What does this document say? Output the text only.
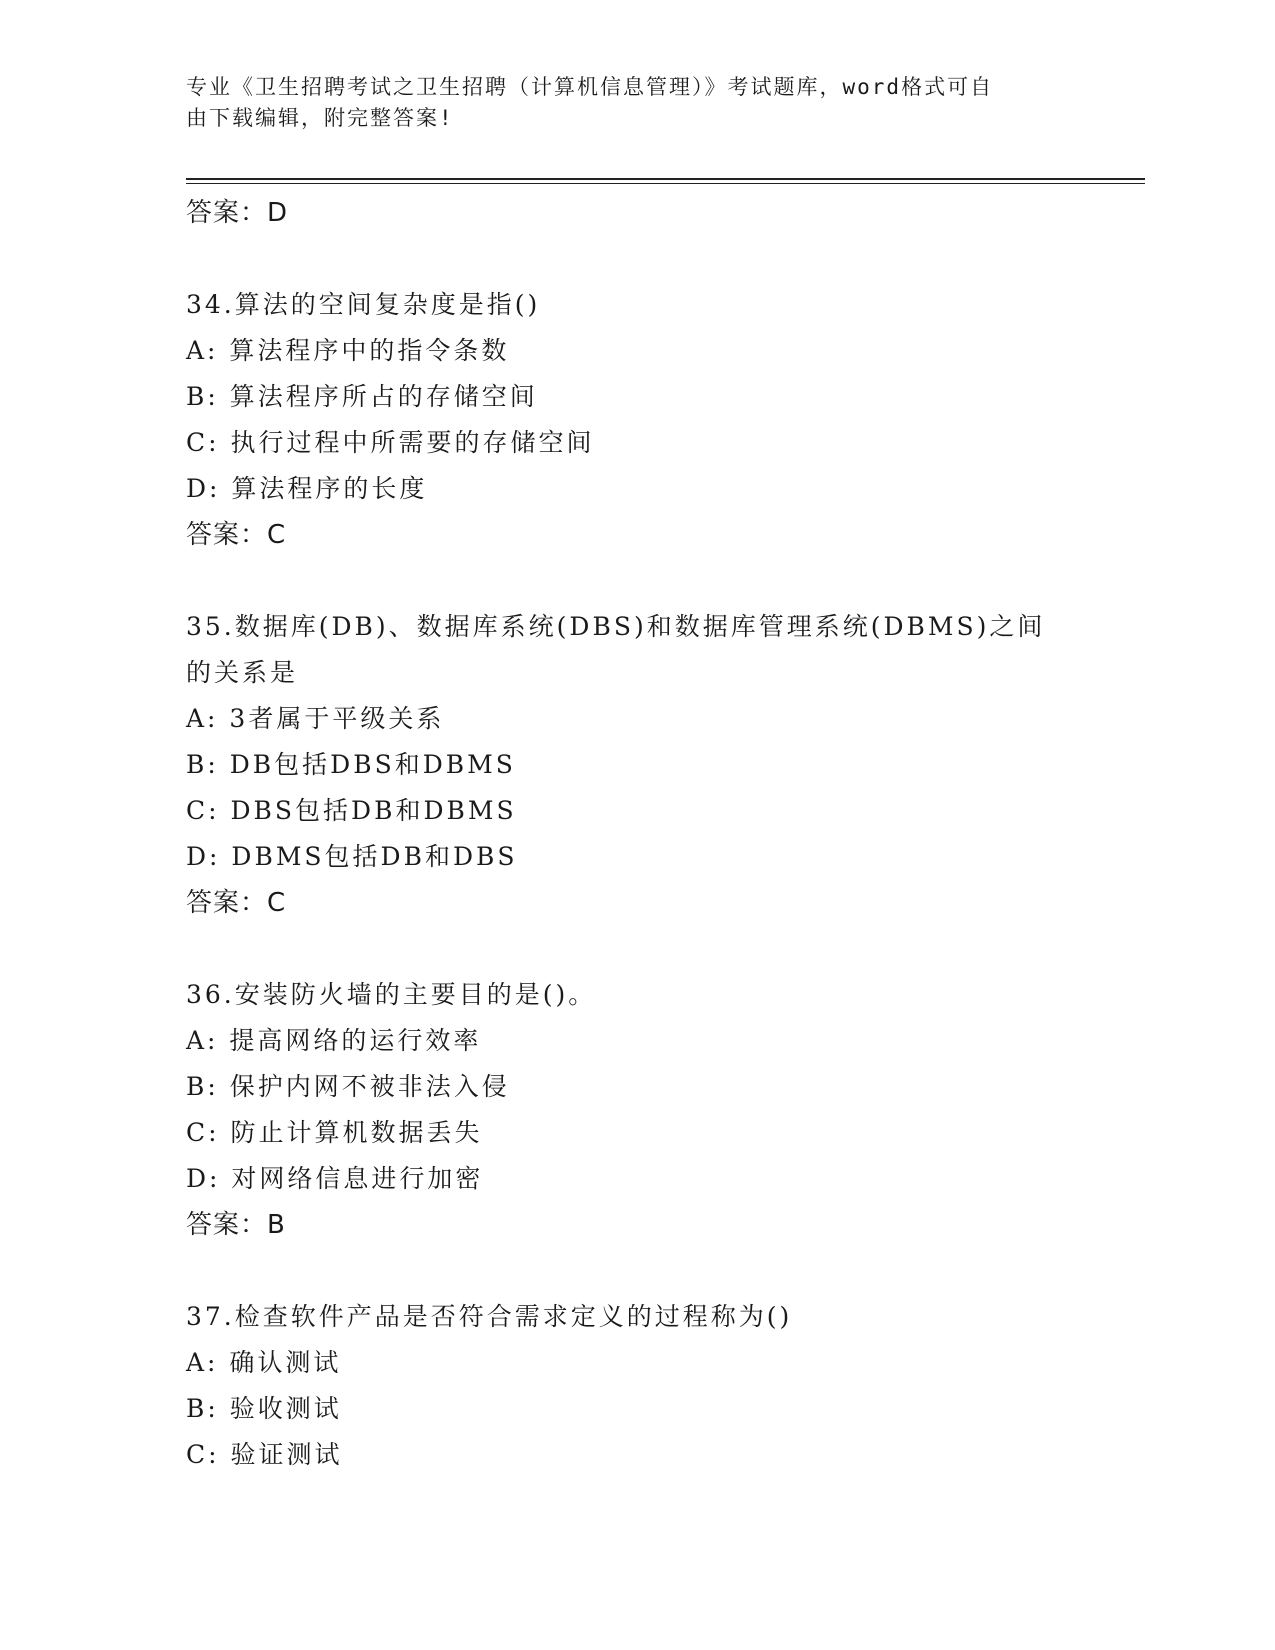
专业《卫生招聘考试之卫生招聘（计算机信息管理）》考试题库，word格式可自
由下载编辑，附完整答案!
答案：D
34.算法的空间复杂度是指()
A: 算法程序中的指令条数
B: 算法程序所占的存储空间
C: 执行过程中所需要的存储空间
D: 算法程序的长度
答案：C
35.数据库(DB)、数据库系统(DBS)和数据库管理系统(DBMS)之间的关系是
A: 3者属于平级关系
B: DB包括DBS和DBMS
C: DBS包括DB和DBMS
D: DBMS包括DB和DBS
答案：C
36.安装防火墙的主要目的是()。
A: 提高网络的运行效率
B: 保护内网不被非法入侵
C: 防止计算机数据丢失
D: 对网络信息进行加密
答案：B
37.检查软件产品是否符合需求定义的过程称为()
A: 确认测试
B: 验收测试
C: 验证测试
